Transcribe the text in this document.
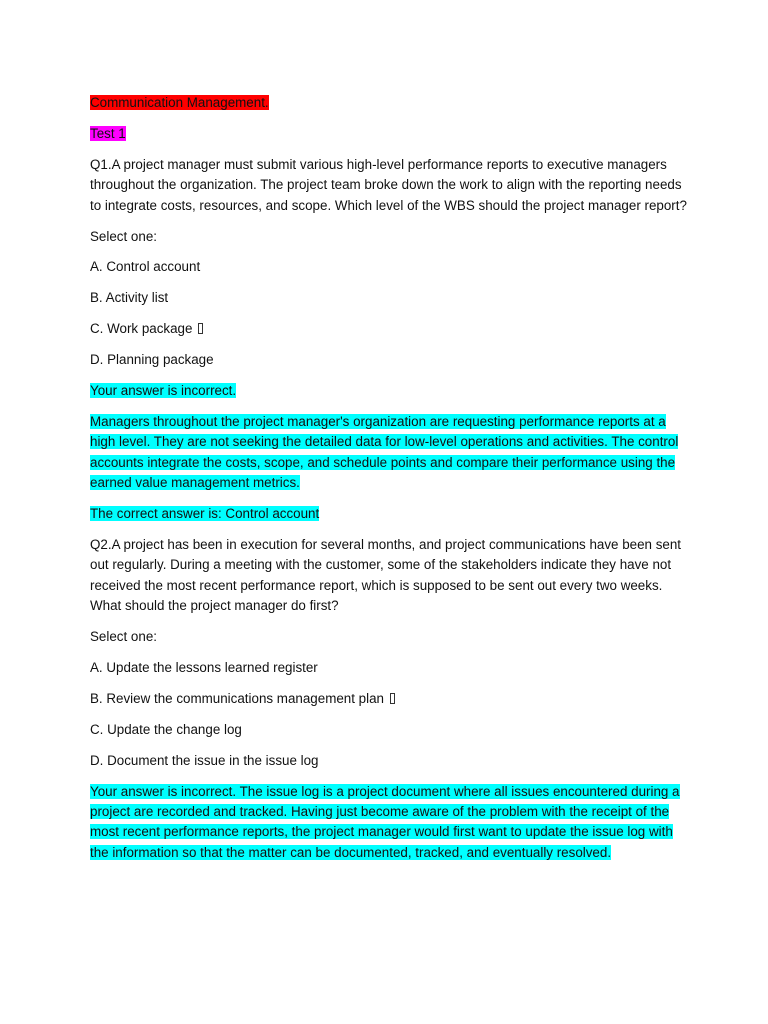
Communication Management.

Test 1

Q1.A project manager must submit various high-level performance reports to executive managers throughout the organization. The project team broke down the work to align with the reporting needs to integrate costs, resources, and scope. Which level of the WBS should the project manager report?

Select one:

A. Control account

B. Activity list

C. Work package

D. Planning package

Your answer is incorrect.

Managers throughout the project manager's organization are requesting performance reports at a high level. They are not seeking the detailed data for low-level operations and activities. The control accounts integrate the costs, scope, and schedule points and compare their performance using the earned value management metrics.

The correct answer is: Control account

Q2.A project has been in execution for several months, and project communications have been sent out regularly. During a meeting with the customer, some of the stakeholders indicate they have not received the most recent performance report, which is supposed to be sent out every two weeks. What should the project manager do first?

Select one:

A. Update the lessons learned register

B. Review the communications management plan

C. Update the change log

D. Document the issue in the issue log

Your answer is incorrect. The issue log is a project document where all issues encountered during a project are recorded and tracked. Having just become aware of the problem with the receipt of the most recent performance reports, the project manager would first want to update the issue log with the information so that the matter can be documented, tracked, and eventually resolved.
